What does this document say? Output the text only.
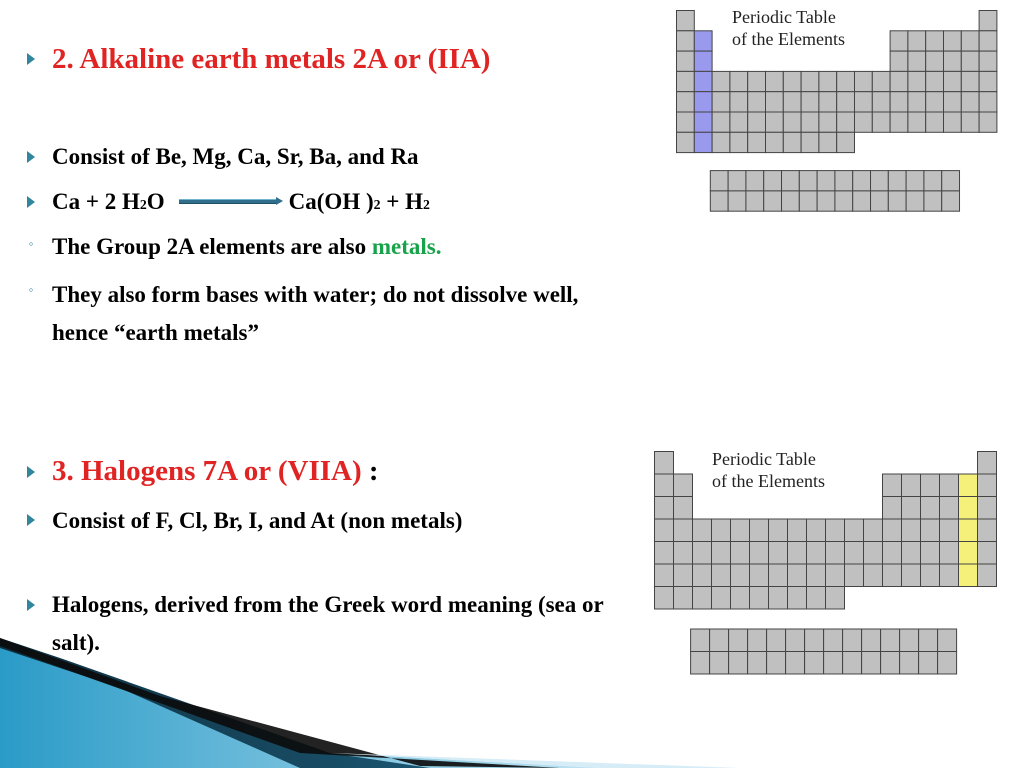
2. Alkaline earth metals 2A or (IIA)
Consist of Be, Mg, Ca, Sr, Ba, and Ra
Ca + 2 H2O	Ca(OH )2 + H2
◦ The Group 2A elements are also metals.
◦ They also form bases with water; do not dissolve well, hence “earth metals”
3. Halogens 7A or (VIIA) :
Consist of F, Cl, Br, I, and At (non metals)
Halogens, derived from the Greek word meaning (sea or salt).
Periodic Table
of the Elements
Periodic Table
of the Elements
